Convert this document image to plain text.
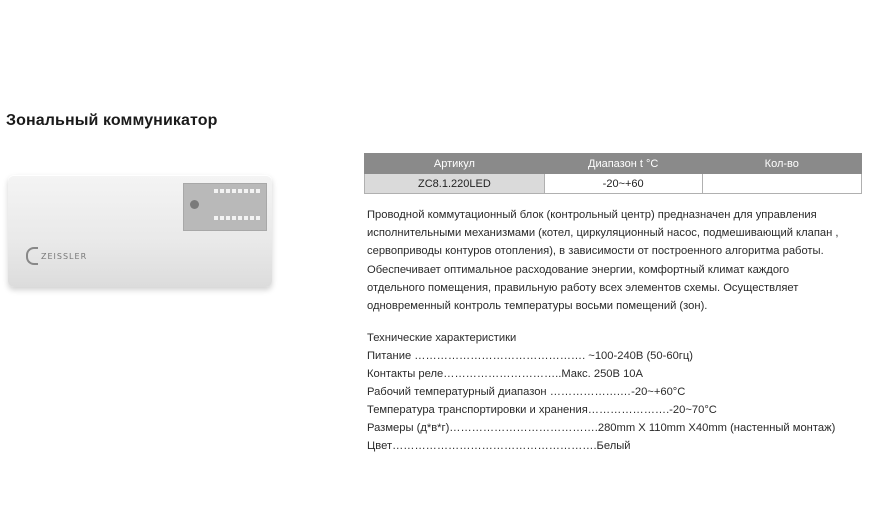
Зональный коммуникатор
ZEISSLER
Артикул	Диапазон t °C	Кол-во
ZC8.1.220LED	-20~+60	

Проводной коммутационный блок (контрольный центр) предназначен для управления

исполнительными механизмами (котел, циркуляционный насос, подмешивающий клапан ,

сервоприводы контуров отопления), в зависимости от построенного алгоритма работы.

Обеспечивает оптимальное расходование энергии, комфортный климат каждого

отдельного помещения, правильную работу всех элементов схемы. Осуществляет

одновременный контроль температуры восьми помещений (зон).

Технические характеристики
Питание ………………………………………. ~100-240В (50-60гц)
Контакты реле…………………………..Макс. 250В 10А
Рабочий температурный диапазон ……………….…-20~+60°С
Температура транспортировки и хранения………………….-20~70°С
Размеры (д*в*г)………………………………….280mm X 110mm X40mm (настенный монтаж)
Цвет……………………………………………….Белый
